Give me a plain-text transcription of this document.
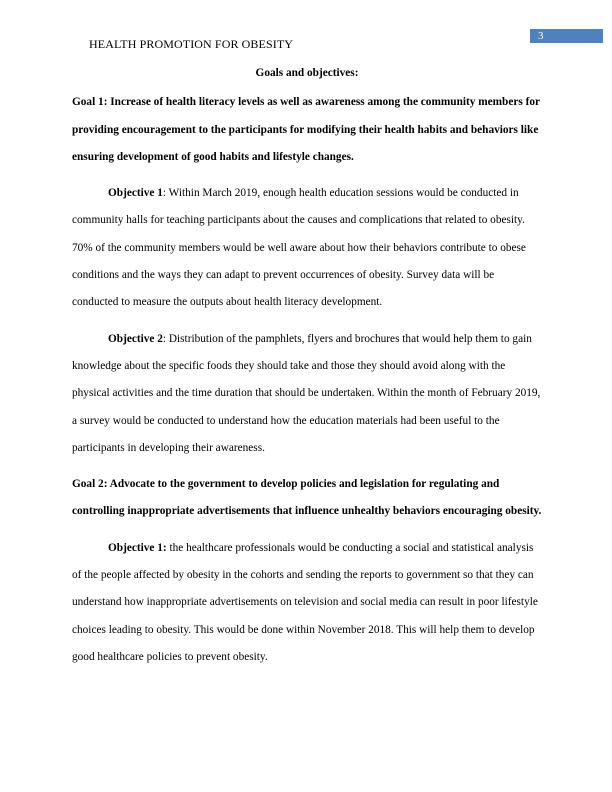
HEALTH PROMOTION FOR OBESITY
3

Goals and objectives:

Goal 1: Increase of health literacy levels as well as awareness among the community members for providing encouragement to the participants for modifying their health habits and behaviors like ensuring development of good habits and lifestyle changes.

Objective 1: Within March 2019, enough health education sessions would be conducted in community halls for teaching participants about the causes and complications that related to obesity. 70% of the community members would be well aware about how their behaviors contribute to obese conditions and the ways they can adapt to prevent occurrences of obesity. Survey data will be conducted to measure the outputs about health literacy development.

Objective 2: Distribution of the pamphlets, flyers and brochures that would help them to gain knowledge about the specific foods they should take and those they should avoid along with the physical activities and the time duration that should be undertaken. Within the month of February 2019, a survey would be conducted to understand how the education materials had been useful to the participants in developing their awareness.

Goal 2: Advocate to the government to develop policies and legislation for regulating and controlling inappropriate advertisements that influence unhealthy behaviors encouraging obesity.

Objective 1: the healthcare professionals would be conducting a social and statistical analysis of the people affected by obesity in the cohorts and sending the reports to government so that they can understand how inappropriate advertisements on television and social media can result in poor lifestyle choices leading to obesity. This would be done within November 2018. This will help them to develop good healthcare policies to prevent obesity.
